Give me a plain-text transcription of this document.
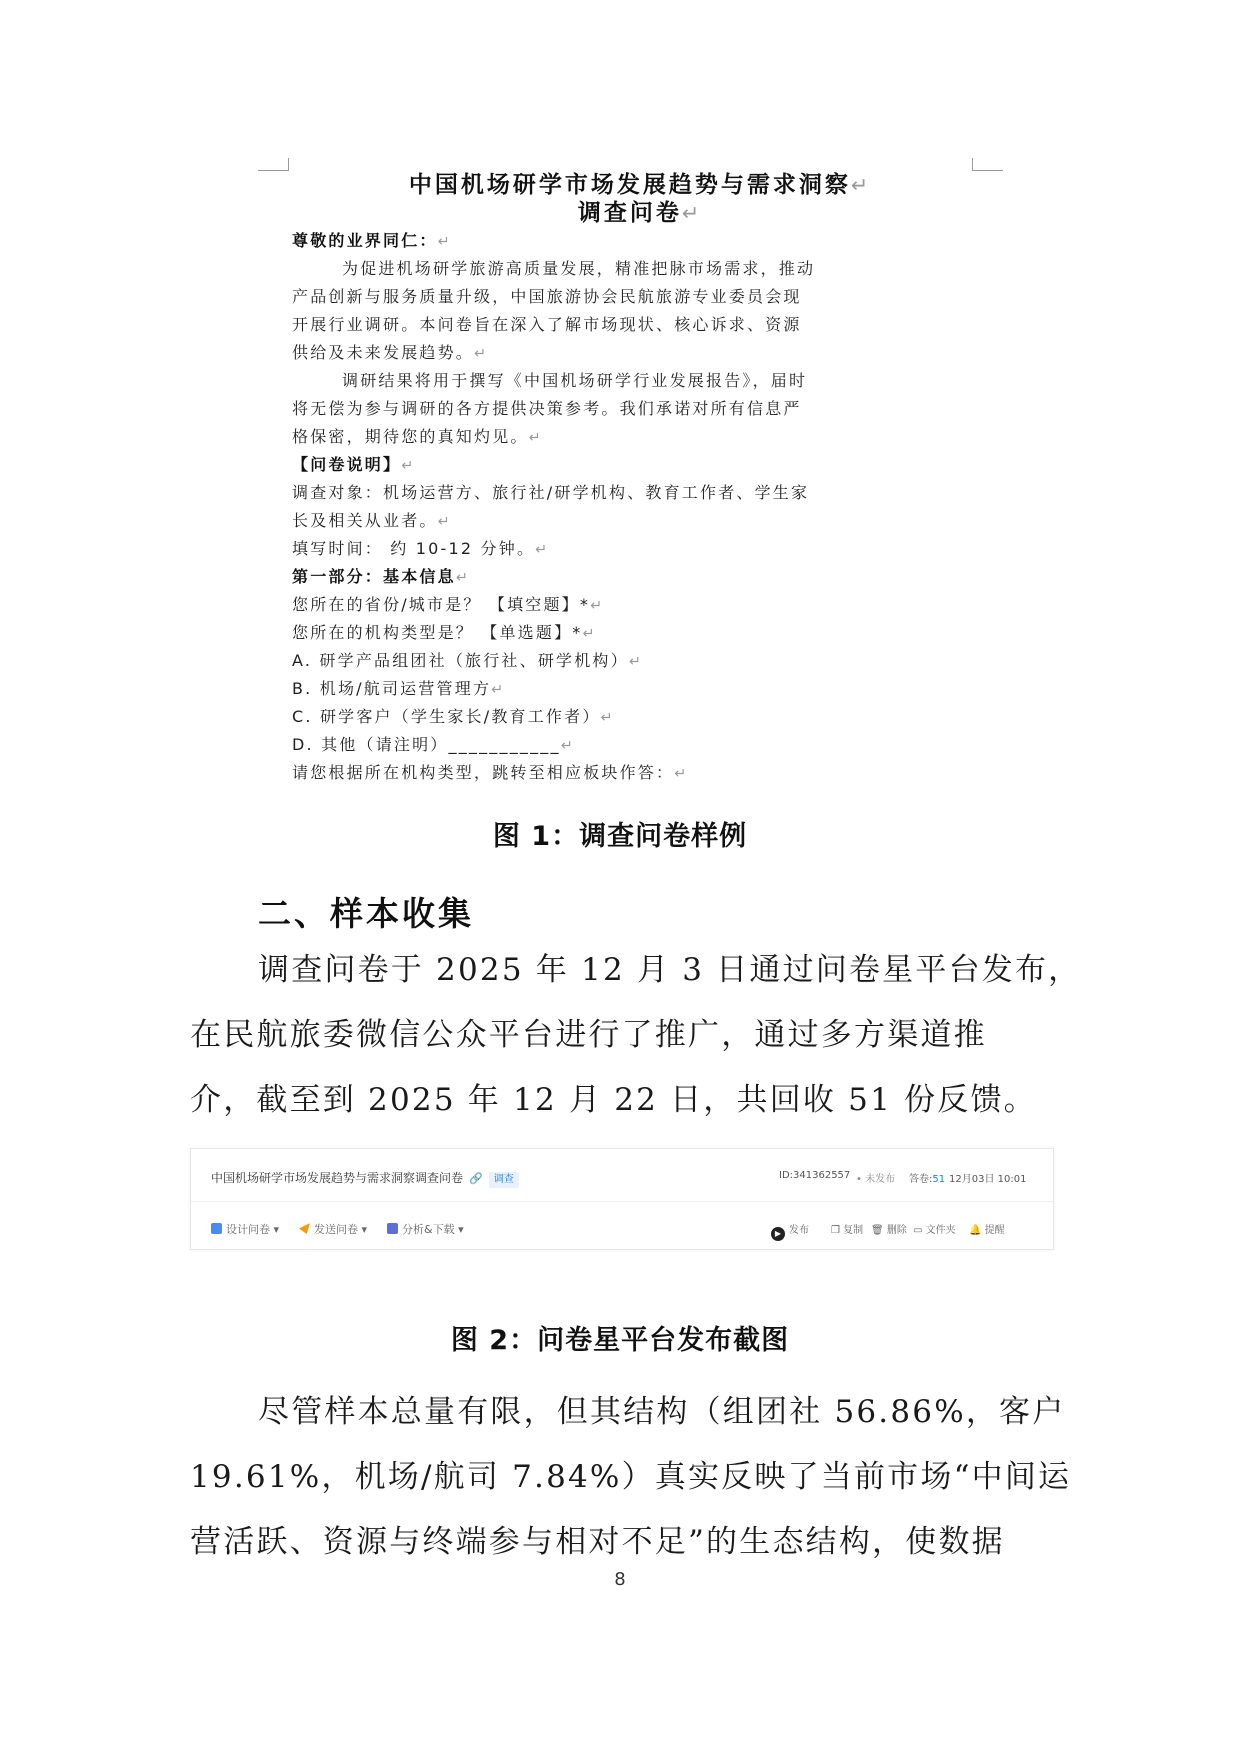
中国机场研学市场发展趋势与需求洞察↵
调查问卷↵
尊敬的业界同仁：↵
为促进机场研学旅游高质量发展，精准把脉市场需求，推动
产品创新与服务质量升级，中国旅游协会民航旅游专业委员会现
开展行业调研。本问卷旨在深入了解市场现状、核心诉求、资源
供给及未来发展趋势。↵
调研结果将用于撰写《中国机场研学行业发展报告》，届时
将无偿为参与调研的各方提供决策参考。我们承诺对所有信息严
格保密，期待您的真知灼见。↵
【问卷说明】↵
调查对象：机场运营方、旅行社/研学机构、教育工作者、学生家
长及相关从业者。↵
填写时间： 约 10-12 分钟。↵
第一部分：基本信息↵
您所在的省份/城市是？ 【填空题】*↵
您所在的机构类型是？ 【单选题】*↵
A. 研学产品组团社（旅行社、研学机构）↵
B. 机场/航司运营管理方↵
C. 研学客户（学生家长/教育工作者）↵
D. 其他（请注明）___________↵
请您根据所在机构类型，跳转至相应板块作答：↵
图 1：调查问卷样例
二、样本收集
调查问卷于 2025 年 12 月 3 日通过问卷星平台发布，
在民航旅委微信公众平台进行了推广，通过多方渠道推
介，截至到 2025 年 12 月 22 日，共回收 51 份反馈。
中国机场研学市场发展趋势与需求洞察调查问卷 🔗 调查	ID:341362557 • 未发布 答卷:51 12月03日 10:01
设计问卷 ▾	发送问卷 ▾	分析&下载 ▾	▶ 发布 ❐ 复制 🗑 删除 ▭ 文件夹 🔔 提醒
图 2：问卷星平台发布截图
尽管样本总量有限，但其结构（组团社 56.86%，客户
19.61%，机场/航司 7.84%）真实反映了当前市场“中间运
营活跃、资源与终端参与相对不足”的生态结构，使数据
8
